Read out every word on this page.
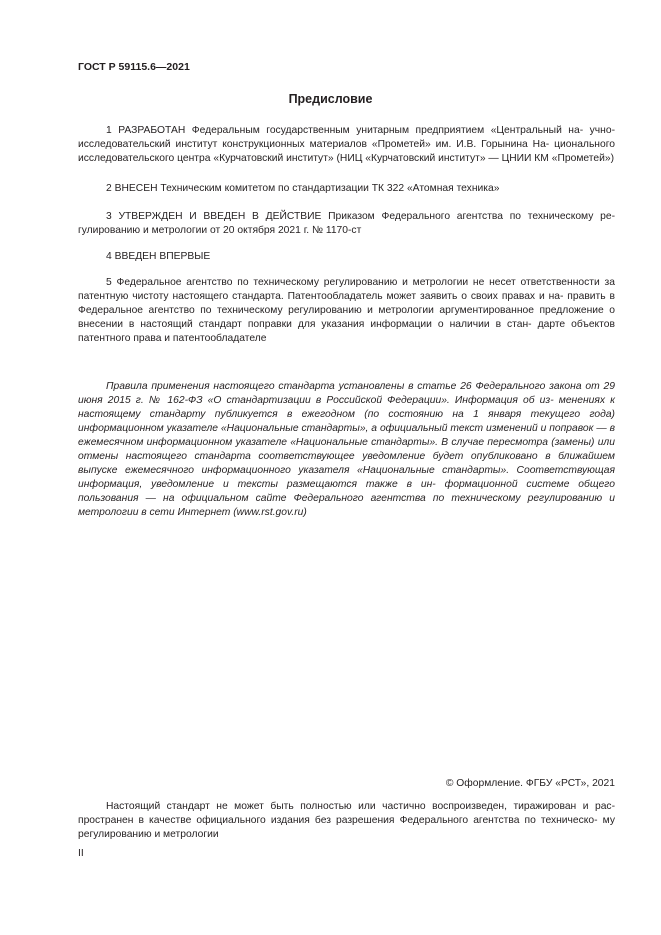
ГОСТ Р 59115.6—2021
Предисловие

1 РАЗРАБОТАН Федеральным государственным унитарным предприятием «Центральный на- учно-исследовательский институт конструкционных материалов «Прометей» им. И.В. Горынина На- ционального исследовательского центра «Курчатовский институт» (НИЦ «Курчатовский институт» — ЦНИИ КМ «Прометей»)

2 ВНЕСЕН Техническим комитетом по стандартизации ТК 322 «Атомная техника»

3 УТВЕРЖДЕН И ВВЕДЕН В ДЕЙСТВИЕ Приказом Федерального агентства по техническому ре- гулированию и метрологии от 20 октября 2021 г. № 1170-ст

4 ВВЕДЕН ВПЕРВЫЕ

5 Федеральное агентство по техническому регулированию и метрологии не несет ответственности за патентную чистоту настоящего стандарта. Патентообладатель может заявить о своих правах и на- править в Федеральное агентство по техническому регулированию и метрологии аргументированное предложение о внесении в настоящий стандарт поправки для указания информации о наличии в стан- дарте объектов патентного права и патентообладателе

Правила применения настоящего стандарта установлены в статье 26 Федерального закона от 29 июня 2015 г. № 162-ФЗ «О стандартизации в Российской Федерации». Информация об из- менениях к настоящему стандарту публикуется в ежегодном (по состоянию на 1 января текущего года) информационном указателе «Национальные стандарты», а официальный текст изменений и поправок — в ежемесячном информационном указателе «Национальные стандарты». В случае пересмотра (замены) или отмены настоящего стандарта соответствующее уведомление будет опубликовано в ближайшем выпуске ежемесячного информационного указателя «Национальные стандарты». Соответствующая информация, уведомление и тексты размещаются также в ин- формационной системе общего пользования — на официальном сайте Федерального агентства по техническому регулированию и метрологии в сети Интернет (www.rst.gov.ru)

© Оформление. ФГБУ «РСТ», 2021

Настоящий стандарт не может быть полностью или частично воспроизведен, тиражирован и рас- пространен в качестве официального издания без разрешения Федерального агентства по техническо- му регулированию и метрологии

II
